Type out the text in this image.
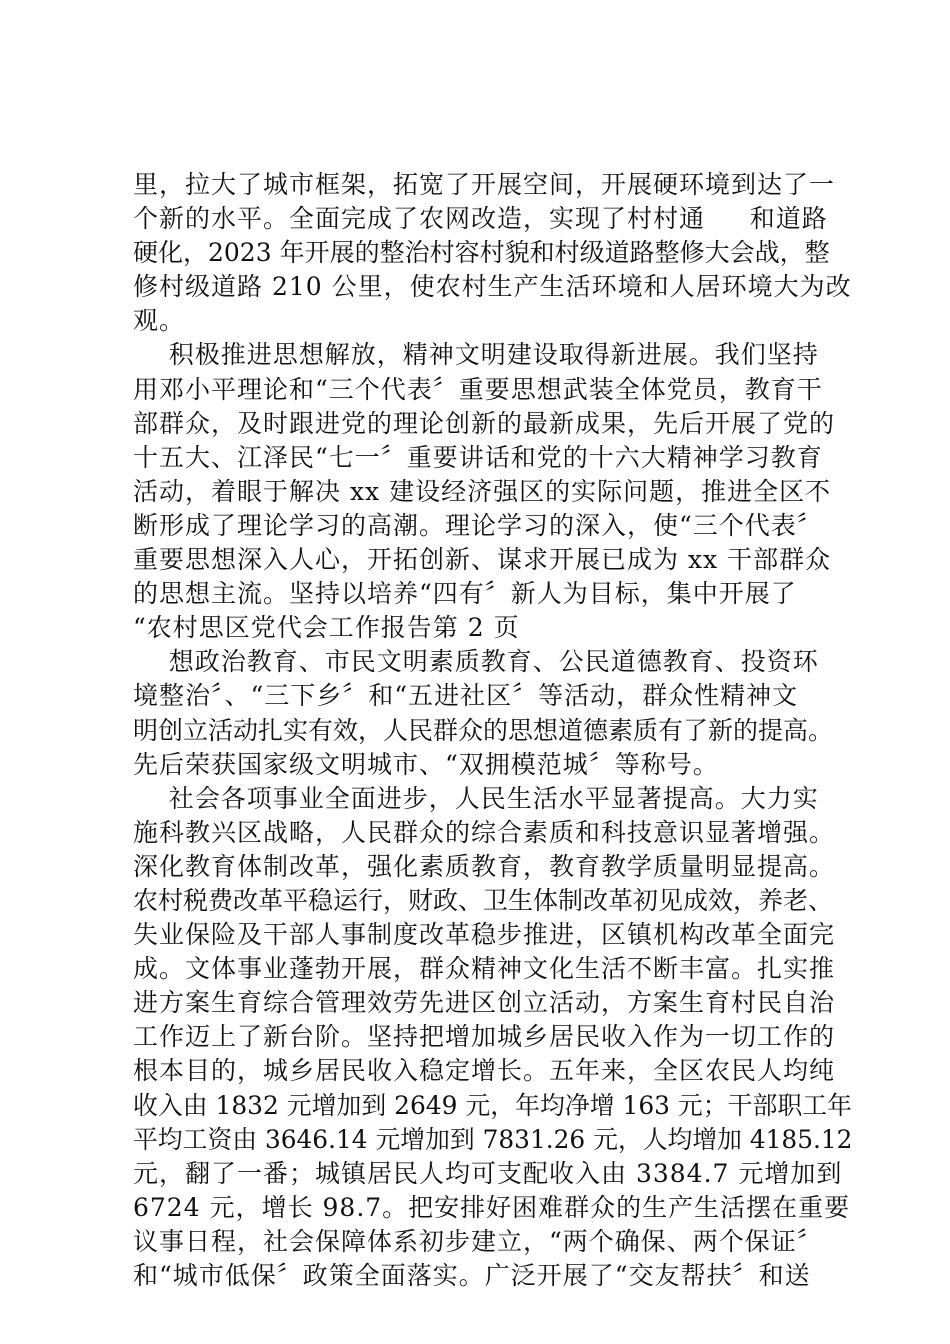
里，拉大了城市框架，拓宽了开展空间，开展硬环境到达了一
个新的水平。全面完成了农网改造，实现了村村通     和道路
硬化，2023 年开展的整治村容村貌和村级道路整修大会战，整
修村级道路 210 公里，使农村生产生活环境和人居环境大为改
观。
积极推进思想解放，精神文明建设取得新进展。我们坚持
用邓小平理论和“三个代表〞重要思想武装全体党员，教育干
部群众，及时跟进党的理论创新的最新成果，先后开展了党的
十五大、江泽民“七一〞重要讲话和党的十六大精神学习教育
活动，着眼于解决 xx 建设经济强区的实际问题，推进全区不
断形成了理论学习的高潮。理论学习的深入，使“三个代表〞
重要思想深入人心，开拓创新、谋求开展已成为 xx 干部群众
的思想主流。坚持以培养“四有〞新人为目标，集中开展了
“农村思区党代会工作报告第 2 页
想政治教育、市民文明素质教育、公民道德教育、投资环
境整治〞、“三下乡〞和“五进社区〞等活动，群众性精神文
明创立活动扎实有效，人民群众的思想道德素质有了新的提高。
先后荣获国家级文明城市、“双拥模范城〞等称号。
社会各项事业全面进步，人民生活水平显著提高。大力实
施科教兴区战略，人民群众的综合素质和科技意识显著增强。
深化教育体制改革，强化素质教育，教育教学质量明显提高。
农村税费改革平稳运行，财政、卫生体制改革初见成效，养老、
失业保险及干部人事制度改革稳步推进，区镇机构改革全面完
成。文体事业蓬勃开展，群众精神文化生活不断丰富。扎实推
进方案生育综合管理效劳先进区创立活动，方案生育村民自治
工作迈上了新台阶。坚持把增加城乡居民收入作为一切工作的
根本目的，城乡居民收入稳定增长。五年来，全区农民人均纯
收入由 1832 元增加到 2649 元，年均净增 163 元；干部职工年
平均工资由 3646.14 元增加到 7831.26 元，人均增加 4185.12
元，翻了一番；城镇居民人均可支配收入由 3384.7 元增加到
6724 元，增长 98.7。把安排好困难群众的生产生活摆在重要
议事日程，社会保障体系初步建立，“两个确保、两个保证〞
和“城市低保〞政策全面落实。广泛开展了“交友帮扶〞和送
